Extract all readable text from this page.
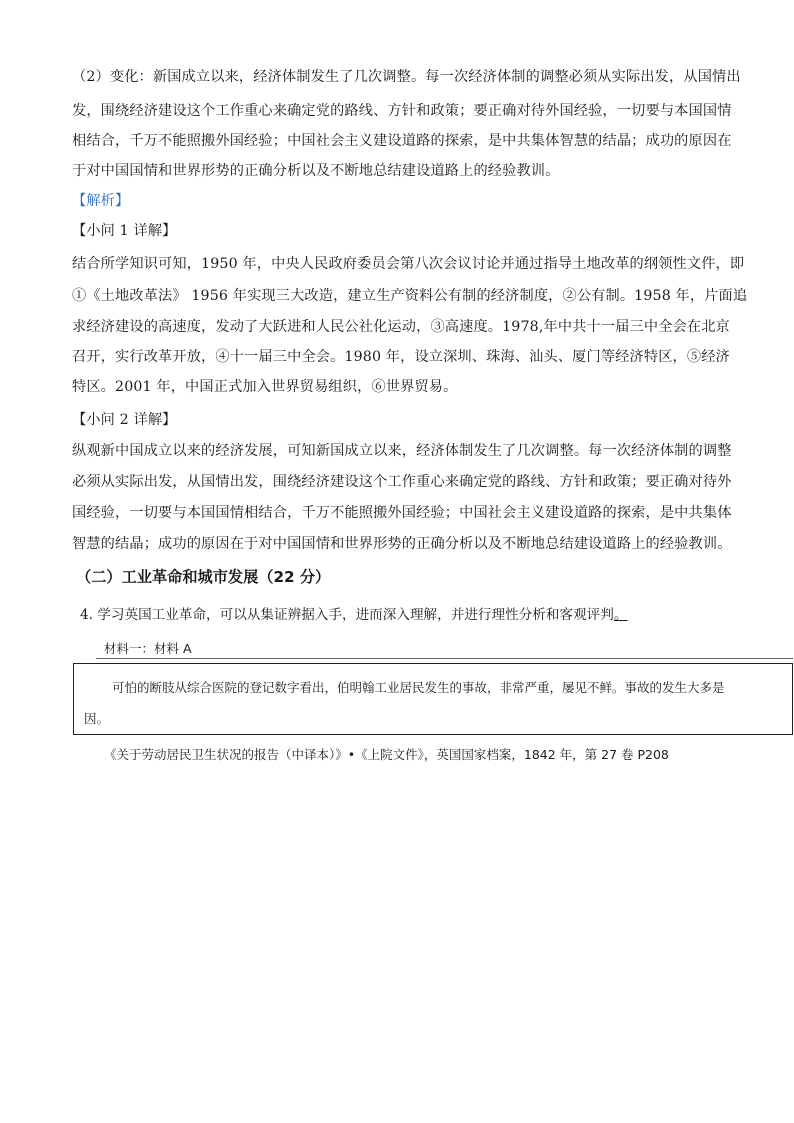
（2）变化：新国成立以来，经济体制发生了几次调整。每一次经济体制的调整必须从实际出发，从国情出
发，围绕经济建设这个工作重心来确定党的路线、方针和政策；要正确对待外国经验，一切要与本国国情
相结合，千万不能照搬外国经验；中国社会主义建设道路的探索，是中共集体智慧的结晶；成功的原因在
于对中国国情和世界形势的正确分析以及不断地总结建设道路上的经验教训。
【解析】
【小问 1 详解】
结合所学知识可知，1950 年，中央人民政府委员会第八次会议讨论并通过指导土地改革的纲领性文件，即
①《土地改革法》 1956 年实现三大改造，建立生产资料公有制的经济制度，②公有制。1958 年，片面追
求经济建设的高速度，发动了大跃进和人民公社化运动，③高速度。1978,年中共十一届三中全会在北京
召开，实行改革开放，④十一届三中全会。1980 年，设立深圳、珠海、汕头、厦门等经济特区，⑤经济
特区。2001 年，中国正式加入世界贸易组织，⑥世界贸易。
【小问 2 详解】
纵观新中国成立以来的经济发展，可知新国成立以来，经济体制发生了几次调整。每一次经济体制的调整
必须从实际出发，从国情出发，围绕经济建设这个工作重心来确定党的路线、方针和政策；要正确对待外
国经验，一切要与本国国情相结合，千万不能照搬外国经验；中国社会主义建设道路的探索，是中共集体
智慧的结晶；成功的原因在于对中国国情和世界形势的正确分析以及不断地总结建设道路上的经验教训。
（二）工业革命和城市发展（22 分）
4. 学习英国工业革命，可以从集证辨据入手，进而深入理解，并进行理性分析和客观评判。
材料一：材料 A
可怕的断肢从综合医院的登记数字看出，伯明翰工业居民发生的事故，非常严重，屡见不鲜。事故的发生大多是
因。
《关于劳动居民卫生状况的报告（中译本）》•《上院文件》，英国国家档案，1842 年，第 27 卷 P208
